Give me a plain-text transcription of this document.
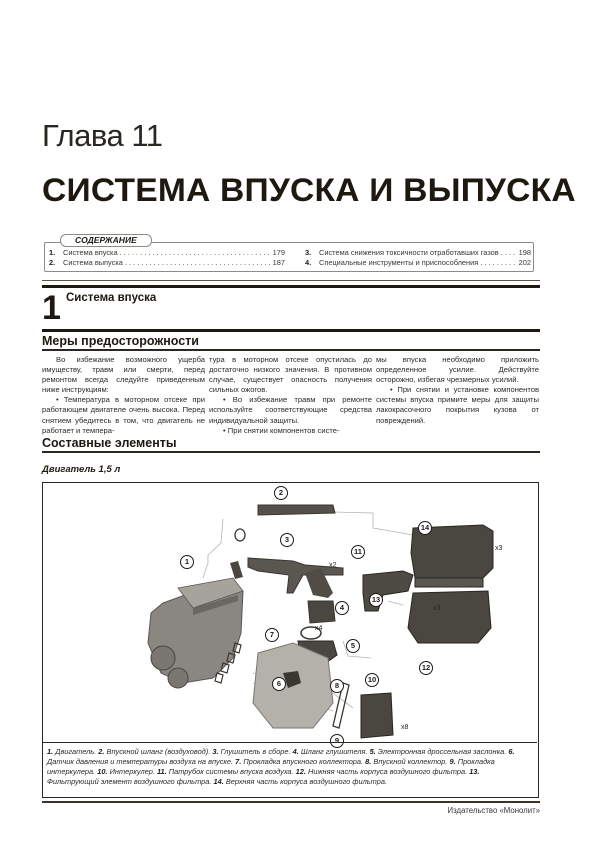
Глава 11
СИСТЕМА ВПУСКА И ВЫПУСКА
СОДЕРЖАНИЕ
1.	Система впуска . . .	179
2.	Система выпуска . . .	187
3.	Система снижения токсичности отработавших газов . . .	198
4.	Специальные инструменты и приспособления . . .	202
1 Система впуска
Меры предосторожности

Во избежание возможного ущерба имуществу, травм или смерти, перед ремонтом всегда следуйте приведенным ниже инструкциям:

• Температура в моторном отсеке при работающем двигателе очень высока. Перед снятием убедитесь в том, что двигатель не работает и темпера-

тура в моторном отсеке опустилась до достаточно низкого значения. В противном случае, существует опасность получения сильных ожогов.

• Во избежание травм при ремонте используйте соответствующие средства индивидуальной защиты.

• При снятии компонентов систе-

мы впуска необходимо приложить определенное усилие. Действуйте осторожно, избегая чрезмерных усилий.

• При снятии и установке компонентов системы впуска примите меры для защиты лакокрасочного покрытия кузова от повреждений.

Составные элементы
Двигатель 1,5 л
1
2
3
4
5
6
7
8
9
10
11
12
13
14
x2
x3
x3
x4
x8
1. Двигатель. 2. Впускной шланг (воздуховод). 3. Глушитель в сборе. 4. Шланг глушителя. 5. Электронная дроссельная заслонка. 6. Датчик давления и температуры воздуха на впуске. 7. Прокладка впускного коллектора. 8. Впускной коллектор. 9. Прокладка интеркулера. 10. Интеркулер. 11. Патрубок системы впуска воздуха. 12. Нижняя часть корпуса воздушного фильтра. 13. Фильтрующий элемент воздушного фильтра. 14. Верхняя часть корпуса воздушного фильтра.
Издательство «Монолит»
